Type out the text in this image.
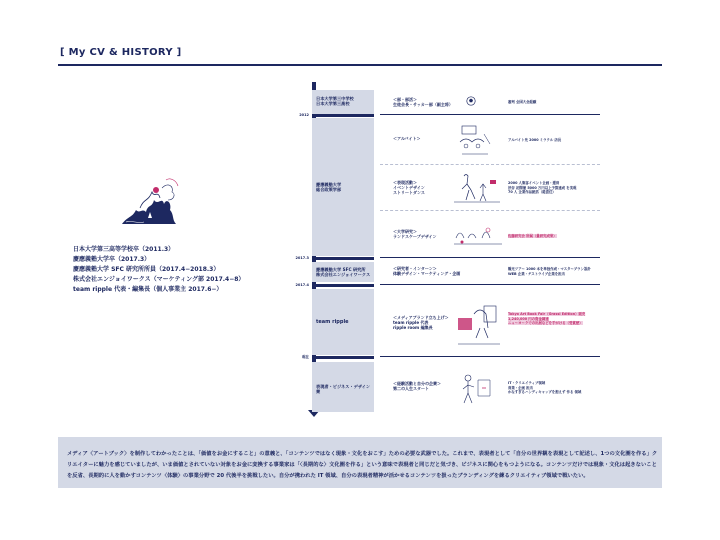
[ My CV & HISTORY ]
日本大学第三高等学校卒（2011.3）
慶應義塾大学卒（2017.3）
慶應義塾大学 SFC 研究所所員（2017.4−2018.3）
株式会社エンジョイワークス（マーケティング部 2017.4−8）
team ripple 代表・編集長（個人事業主 2017.6−）
日本大学第三中学校
日本大学第三高校
慶應義塾大学
総合政策学部
慶應義塾大学 SFC 研究所
株式会社エンジョイワークス
team ripple
表現者・ビジネス・デザイン業
2012
2017.3
2017.4
現在
＜部・部活＞
生徒会長・サッカー部（副主将）	審判 全国大会経験
＜アルバイト＞	アルバイト先 2000 ミラクル 店長
＜表現活動＞
イベントデザイン
ストリートダンス
2000 人集客イベント企画・運営
渋谷 初開催 5000 万円以上予算達成 を実現
70 人 企業作品統括（総責任）
＜大学研究＞
ランドスケープデザイン	佐藤研究会 所属（量研究成果）
＜研究者・インターン＞
体験デザイン・マーケティング・企画
観光ツアー 1000 本を単独作成・マスタープラン設計
WEB 企業・ゲストライブ企業を担当
＜メディアブランド立ち上げ＞
team ripple 代表
ripple room 編集長
Tokyo Art Book Fair（Grassi Edition）販売
1,240,000 円の資金調達
ニューヨークでの出展などを手がける（受賞歴）
＜経験活動と自分の企業＞
第二の人生スタート
IT・クリエイティブ領域
営業・企画 担当
かなすぎるハンディキャップを抱えず 作る 領域
メディア〈アートブック〉を制作してわかったことは、「価値をお金にすること」の意義と、「コンテンツではなく現象・文化をおこす」ための必要な武器でした。これまで、表現者として「自分の世界観を表現として記述し、1つの文化圏を作る」クリエイターに魅力を感じていましたが、いま価値とされていない対象をお金に変換する事業家は「〈長期的な〉文化圏を作る」という意味で表現者と同じだと気づき、ビジネスに関心をもつようになる。コンテンツだけでは現象・文化は起きないことを反省、長期的に人を動かすコンテンツ〈体験〉の事業分野で 20 代後半を挑戦したい。自分が携われた IT 領域、自分の表現者精神が活かせるコンテンツを扱ったブランディングを練るクリエイティブ領域で戦いたい。
